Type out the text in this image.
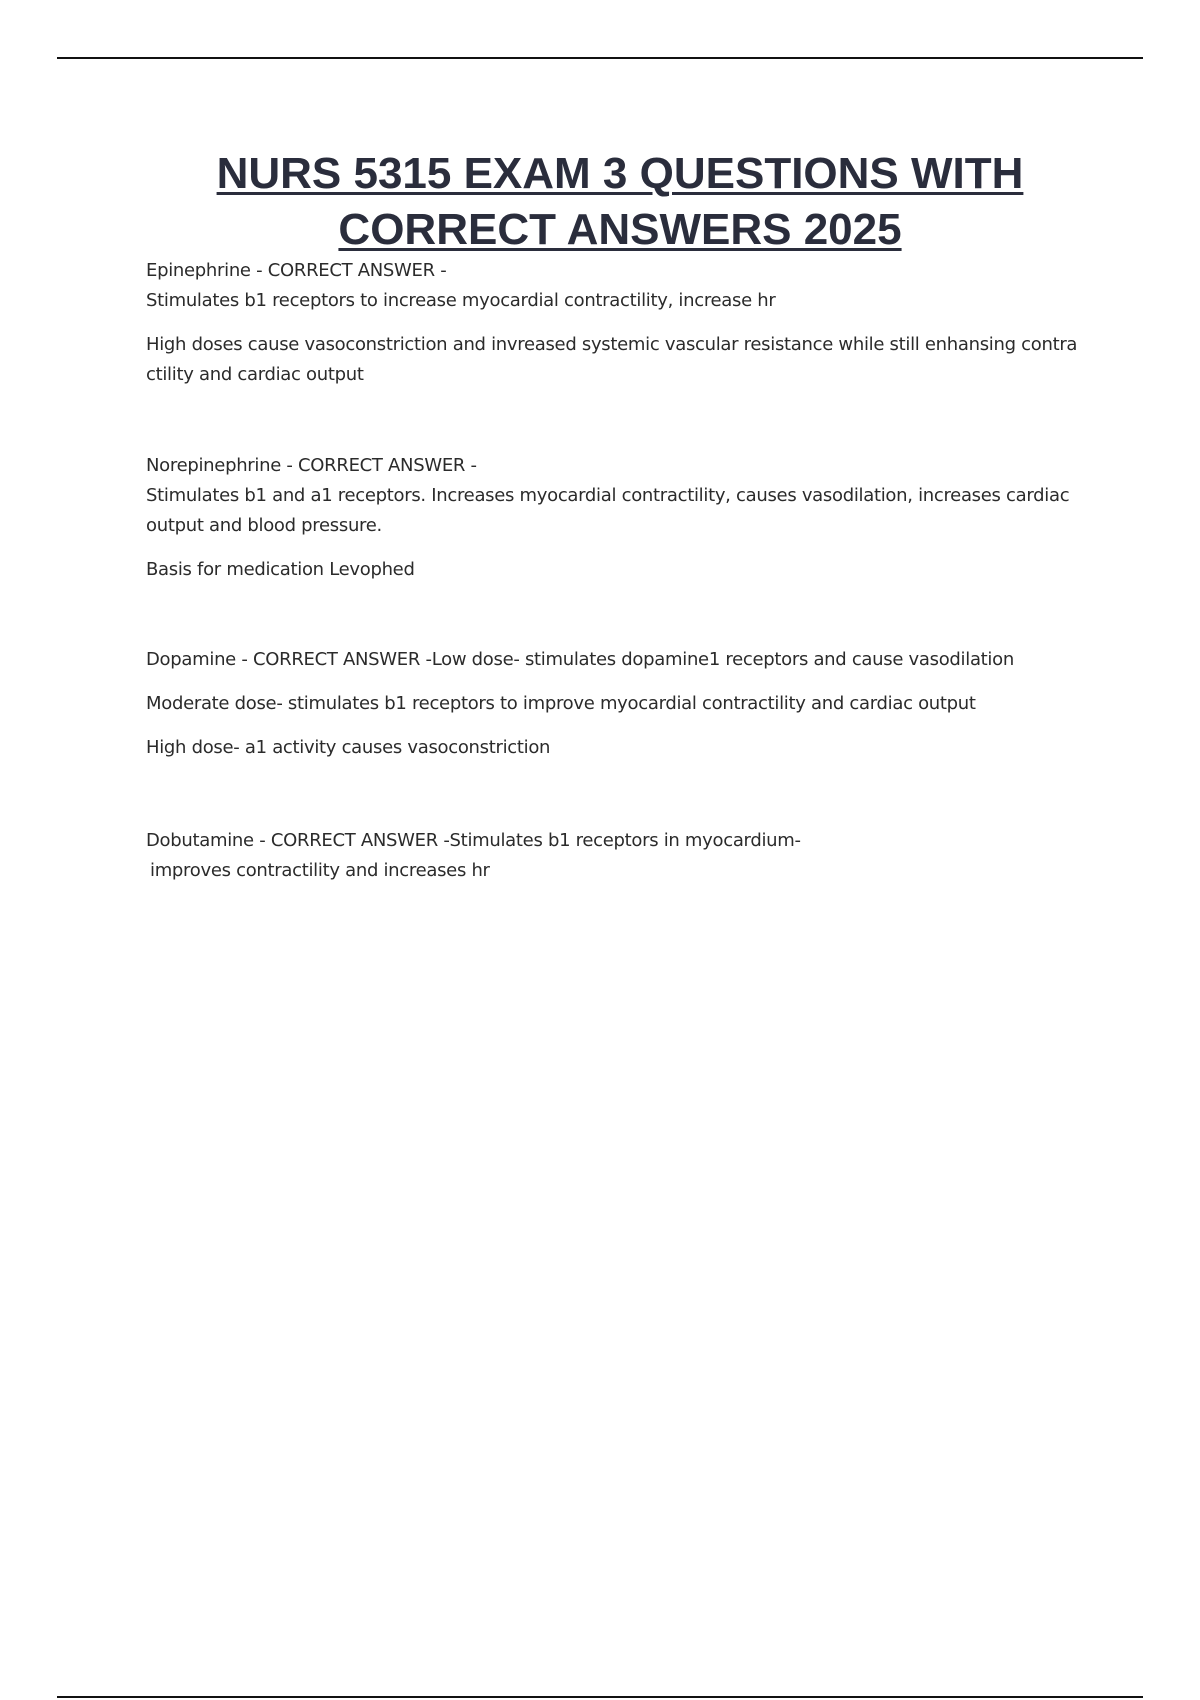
NURS 5315 EXAM 3 QUESTIONS WITH
CORRECT ANSWERS 2025

Epinephrine - CORRECT ANSWER -

Stimulates b1 receptors to increase myocardial contractility, increase hr

High doses cause vasoconstriction and invreased systemic vascular resistance while still enhansing contra

ctility and cardiac output

Norepinephrine - CORRECT ANSWER -

Stimulates b1 and a1 receptors. Increases myocardial contractility, causes vasodilation, increases cardiac

output and blood pressure.

Basis for medication Levophed

Dopamine - CORRECT ANSWER -Low dose- stimulates dopamine1 receptors and cause vasodilation

Moderate dose- stimulates b1 receptors to improve myocardial contractility and cardiac output

High dose- a1 activity causes vasoconstriction

Dobutamine - CORRECT ANSWER -Stimulates b1 receptors in myocardium-

improves contractility and increases hr
